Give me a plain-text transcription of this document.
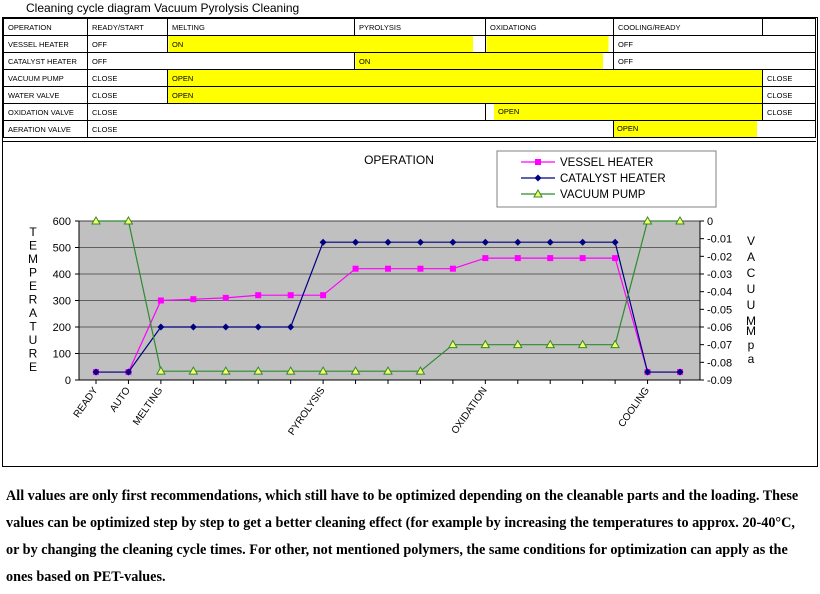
Cleaning cycle diagram Vacuum Pyrolysis Cleaning
OPERATION	READY/START	MELTING	PYROLYSIS	OXIDATIONG	COOLING/READY	
VESSEL HEATER	OFF	ON			OFF	
CATALYST HEATER	OFF		ON		OFF	
VACUUM PUMP	CLOSE	OPEN				CLOSE
WATER VALVE	CLOSE	OPEN				CLOSE
OXIDATION VALVE	CLOSE			OPEN		CLOSE
AERATION VALVE	CLOSE				OPEN	
0
100
200
300
400
500
600	0
-0.01
-0.02
-0.03
-0.04
-0.05
-0.06
-0.07
-0.08
-0.09
READY AUTO
MELTING	PYROLYSIS	OXIDATION	COOLING
T
E
M
P
E
R
A
T
U
R
E
V
A
C
U
U
M
M
p
a
OPERATION	VESSEL HEATER
CATALYST HEATER
VACUUM PUMP
All values are only first recommendations, which still have to be optimized depending on the cleanable parts and the loading. These values can be optimized step by step to get a better cleaning effect (for example by increasing the temperatures to approx. 20-40°C, or by changing the cleaning cycle times. For other, not mentioned polymers, the same conditions for optimization can apply as the ones based on PET-values.
